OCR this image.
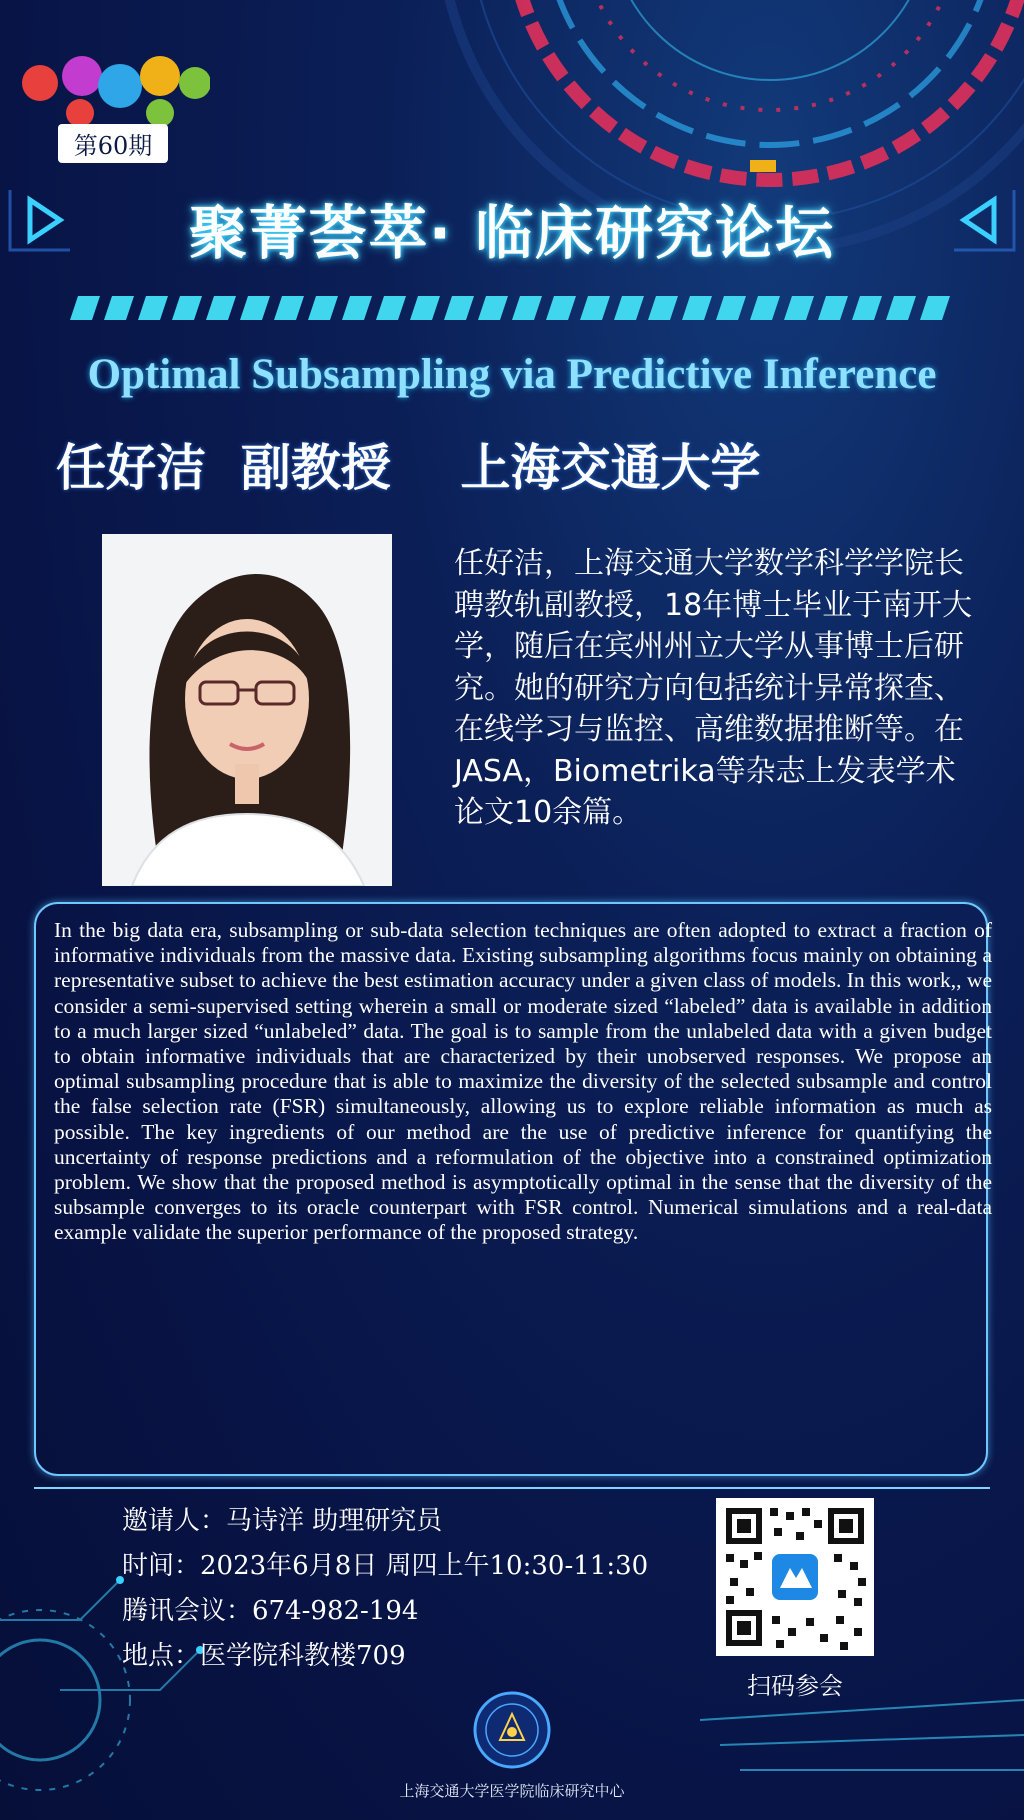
第60期
聚菁荟萃· 临床研究论坛
Optimal Subsampling via Predictive Inference
任好洁  副教授    上海交通大学
任好洁，上海交通大学数学科学学院长聘教轨副教授，18年博士毕业于南开大学，随后在宾州州立大学从事博士后研究。她的研究方向包括统计异常探查、在线学习与监控、高维数据推断等。在JASA，Biometrika等杂志上发表学术论文10余篇。
In the big data era, subsampling or sub-data selection techniques are often adopted to extract a fraction of informative individuals from the massive data. Existing subsampling algorithms focus mainly on obtaining a representative subset to achieve the best estimation accuracy under a given class of models. In this work,, we consider a semi-supervised setting wherein a small or moderate sized “labeled” data is available in addition to a much larger sized “unlabeled” data. The goal is to sample from the unlabeled data with a given budget to obtain informative individuals that are characterized by their unobserved responses. We propose an optimal subsampling procedure that is able to maximize the diversity of the selected subsample and control the false selection rate (FSR) simultaneously, allowing us to explore reliable information as much as possible. The key ingredients of our method are the use of predictive inference for quantifying the uncertainty of response predictions and a reformulation of the objective into a constrained optimization problem. We show that the proposed method is asymptotically optimal in the sense that the diversity of the subsample converges to its oracle counterpart with FSR control. Numerical simulations and a real-data example validate the superior performance of the proposed strategy.
邀请人：马诗洋 助理研究员
时间：2023年6月8日 周四上午10:30-11:30
腾讯会议：674-982-194
地点：医学院科教楼709
扫码参会
上海交通大学医学院临床研究中心
